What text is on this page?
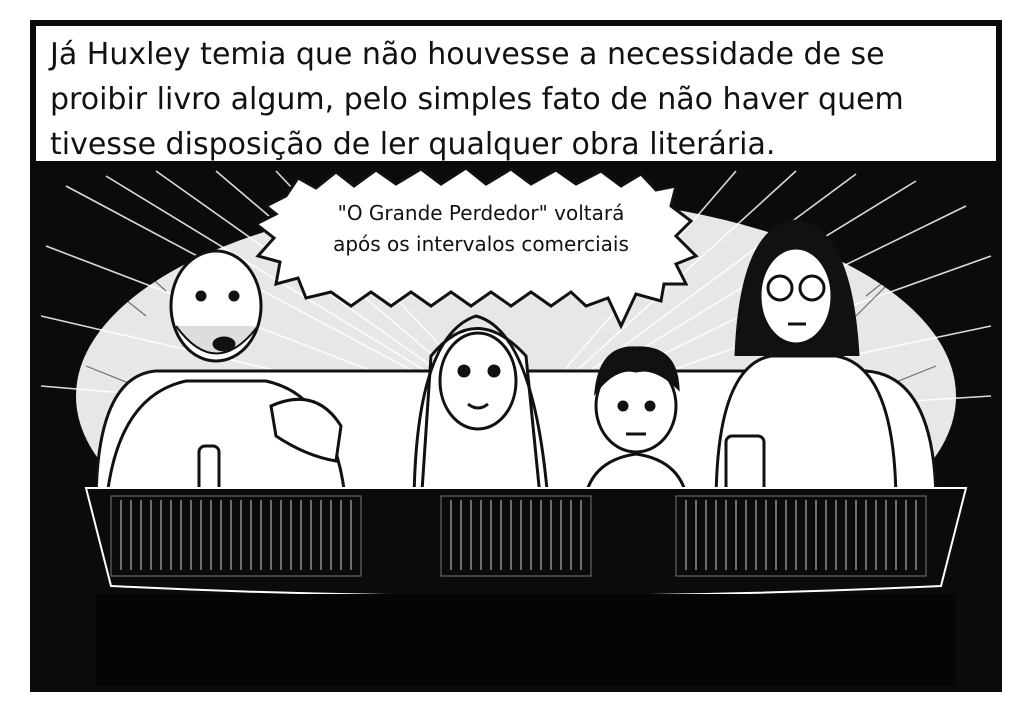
Já Huxley temia que não houvesse a necessidade de se
proibir livro algum, pelo simples fato de não haver quem
tivesse disposição de ler qualquer obra literária.
"O Grande Perdedor" voltará
após os intervalos comerciais
